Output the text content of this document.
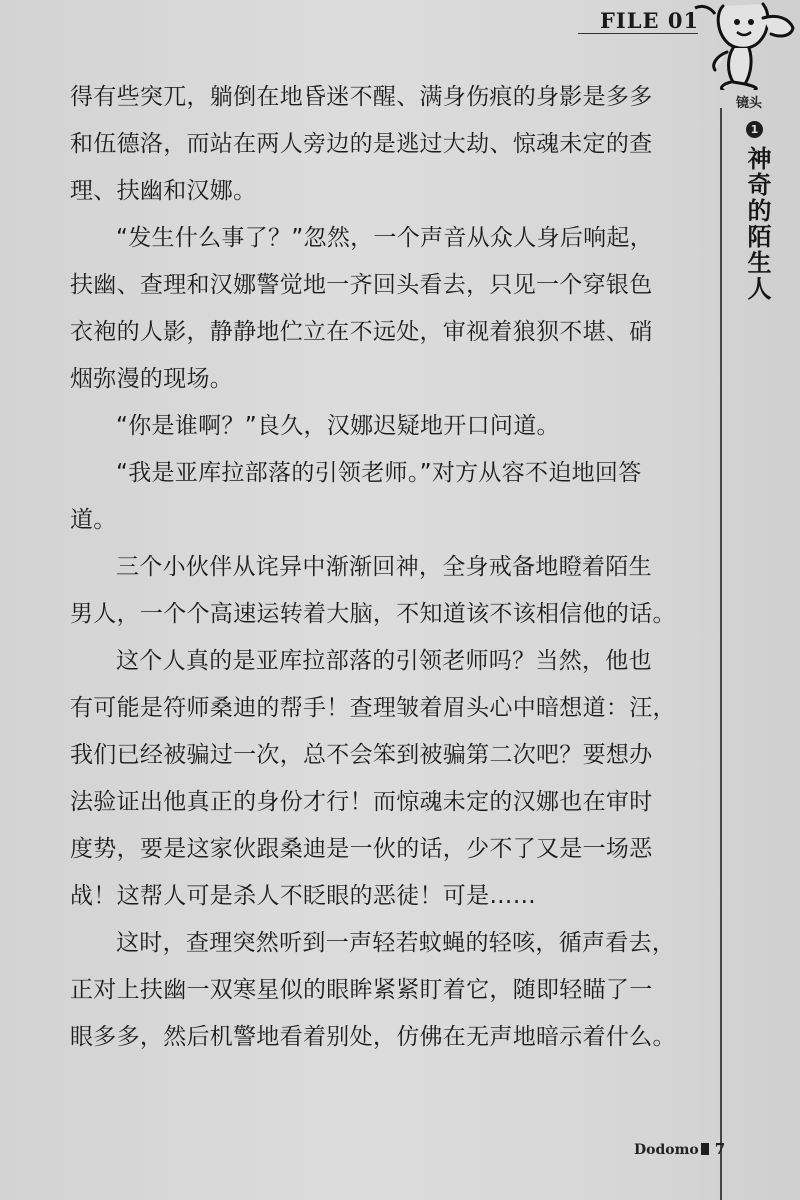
FILE 01
镜头
1
神奇的陌生人
得有些突兀，躺倒在地昏迷不醒、满身伤痕的身影是多多
和伍德洛，而站在两人旁边的是逃过大劫、惊魂未定的查
理、扶幽和汉娜。
“发生什么事了？”忽然，一个声音从众人身后响起，
扶幽、查理和汉娜警觉地一齐回头看去，只见一个穿银色
衣袍的人影，静静地伫立在不远处，审视着狼狈不堪、硝
烟弥漫的现场。
“你是谁啊？”良久，汉娜迟疑地开口问道。
“我是亚库拉部落的引领老师。”对方从容不迫地回答
道。
三个小伙伴从诧异中渐渐回神，全身戒备地瞪着陌生
男人，一个个高速运转着大脑，不知道该不该相信他的话。
这个人真的是亚库拉部落的引领老师吗？当然，他也
有可能是符师桑迪的帮手！查理皱着眉头心中暗想道：汪，
我们已经被骗过一次，总不会笨到被骗第二次吧？要想办
法验证出他真正的身份才行！而惊魂未定的汉娜也在审时
度势，要是这家伙跟桑迪是一伙的话，少不了又是一场恶
战！这帮人可是杀人不眨眼的恶徒！可是……
这时，查理突然听到一声轻若蚊蝇的轻咳，循声看去，
正对上扶幽一双寒星似的眼眸紧紧盯着它，随即轻瞄了一
眼多多，然后机警地看着别处，仿佛在无声地暗示着什么。
Dodomo 7
